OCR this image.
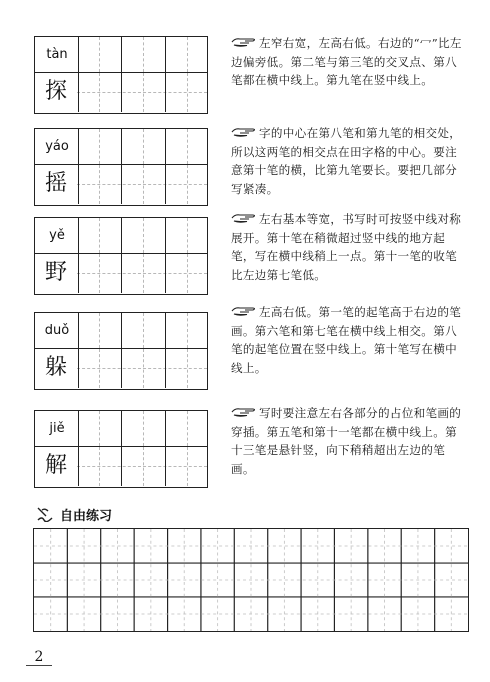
tàn
探
yáo
摇
yě
野
duǒ
躲
jiě
解
左窄右宽，左高右低。右边的“冖”比左边偏旁低。第二笔与第三笔的交叉点、第八笔都在横中线上。第九笔在竖中线上。
字的中心在第八笔和第九笔的相交处，所以这两笔的相交点在田字格的中心。要注意第十笔的横，比第九笔要长。要把几部分写紧凑。
左右基本等宽，书写时可按竖中线对称展开。第十笔在稍微超过竖中线的地方起笔，写在横中线稍上一点。第十一笔的收笔比左边第七笔低。
左高右低。第一笔的起笔高于右边的笔画。第六笔和第七笔在横中线上相交。第八笔的起笔位置在竖中线上。第十笔写在横中线上。
写时要注意左右各部分的占位和笔画的穿插。第五笔和第十一笔都在横中线上。第十三笔是悬针竖，向下稍稍超出左边的笔画。
自由练习
2
